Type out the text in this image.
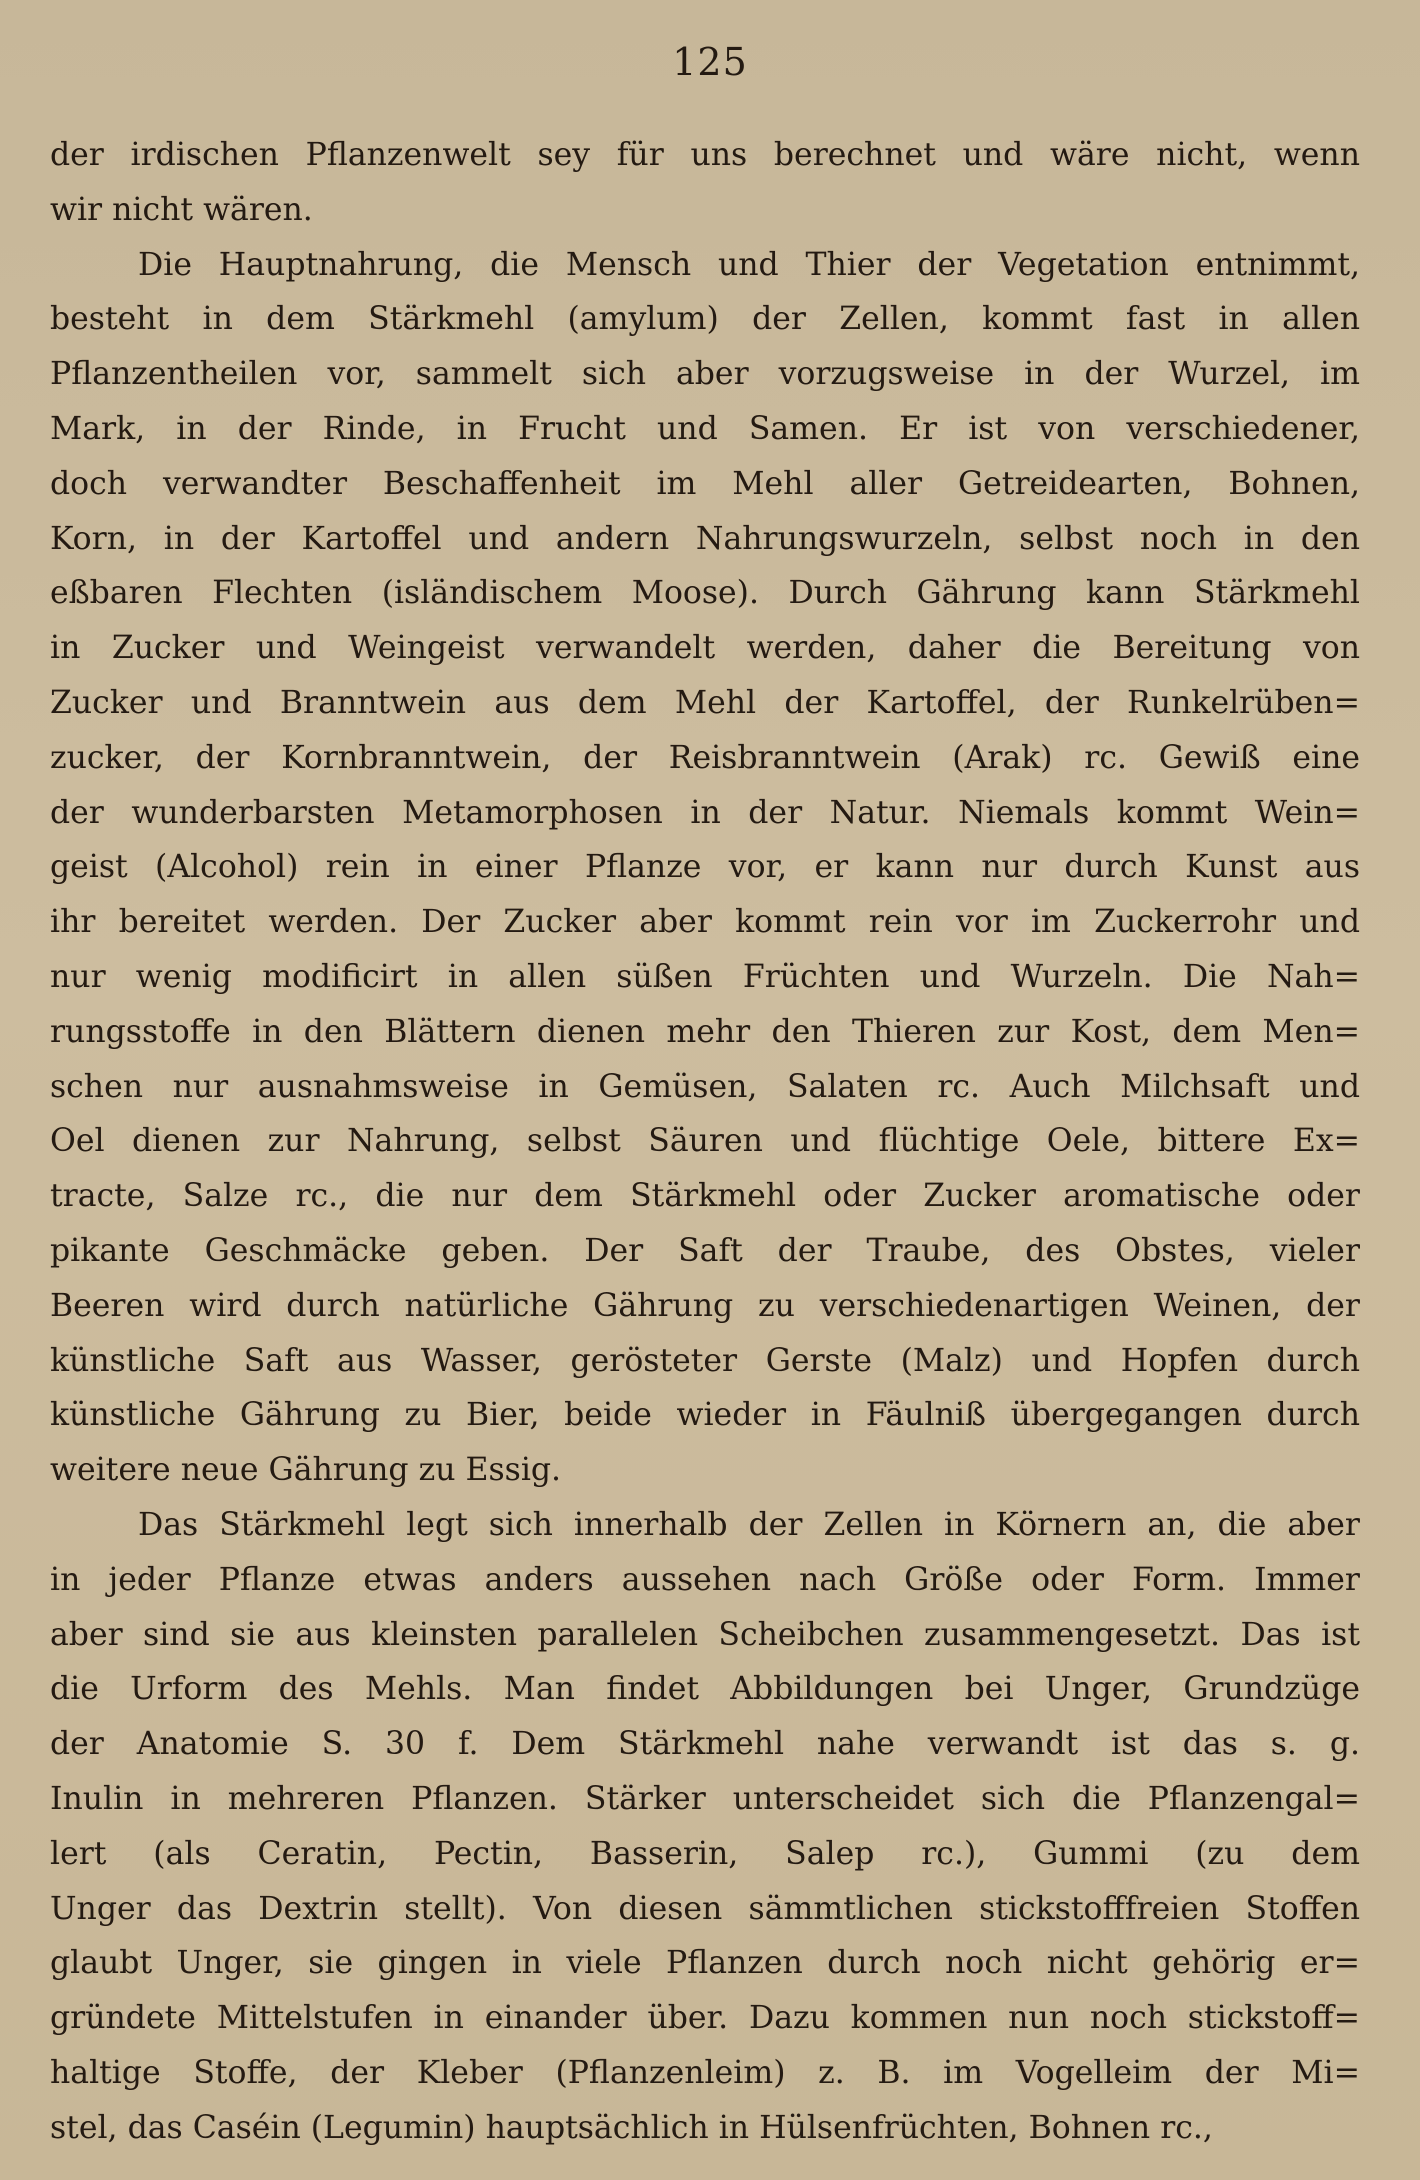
125
der irdischen Pflanzenwelt sey für uns berechnet und wäre nicht, wenn
wir nicht wären.
Die Hauptnahrung, die Mensch und Thier der Vegetation entnimmt,
besteht in dem Stärkmehl (amylum) der Zellen, kommt fast in allen
Pflanzentheilen vor, sammelt sich aber vorzugsweise in der Wurzel, im
Mark, in der Rinde, in Frucht und Samen. Er ist von verschiedener,
doch verwandter Beschaffenheit im Mehl aller Getreidearten, Bohnen,
Korn, in der Kartoffel und andern Nahrungswurzeln, selbst noch in den
eßbaren Flechten (isländischem Moose). Durch Gährung kann Stärkmehl
in Zucker und Weingeist verwandelt werden, daher die Bereitung von
Zucker und Branntwein aus dem Mehl der Kartoffel, der Runkelrüben=
zucker, der Kornbranntwein, der Reisbranntwein (Arak) rc. Gewiß eine
der wunderbarsten Metamorphosen in der Natur. Niemals kommt Wein=
geist (Alcohol) rein in einer Pflanze vor, er kann nur durch Kunst aus
ihr bereitet werden. Der Zucker aber kommt rein vor im Zuckerrohr und
nur wenig modificirt in allen süßen Früchten und Wurzeln. Die Nah=
rungsstoffe in den Blättern dienen mehr den Thieren zur Kost, dem Men=
schen nur ausnahmsweise in Gemüsen, Salaten rc. Auch Milchsaft und
Oel dienen zur Nahrung, selbst Säuren und flüchtige Oele, bittere Ex=
tracte, Salze rc., die nur dem Stärkmehl oder Zucker aromatische oder
pikante Geschmäcke geben. Der Saft der Traube, des Obstes, vieler
Beeren wird durch natürliche Gährung zu verschiedenartigen Weinen, der
künstliche Saft aus Wasser, gerösteter Gerste (Malz) und Hopfen durch
künstliche Gährung zu Bier, beide wieder in Fäulniß übergegangen durch
weitere neue Gährung zu Essig.
Das Stärkmehl legt sich innerhalb der Zellen in Körnern an, die aber
in jeder Pflanze etwas anders aussehen nach Größe oder Form. Immer
aber sind sie aus kleinsten parallelen Scheibchen zusammengesetzt. Das ist
die Urform des Mehls. Man findet Abbildungen bei Unger, Grundzüge
der Anatomie S. 30 f. Dem Stärkmehl nahe verwandt ist das s. g.
Inulin in mehreren Pflanzen. Stärker unterscheidet sich die Pflanzengal=
lert (als Ceratin, Pectin, Basserin, Salep rc.), Gummi (zu dem
Unger das Dextrin stellt). Von diesen sämmtlichen stickstofffreien Stoffen
glaubt Unger, sie gingen in viele Pflanzen durch noch nicht gehörig er=
gründete Mittelstufen in einander über. Dazu kommen nun noch stickstoff=
haltige Stoffe, der Kleber (Pflanzenleim) z. B. im Vogelleim der Mi=
stel, das Caséin (Legumin) hauptsächlich in Hülsenfrüchten, Bohnen rc.,
